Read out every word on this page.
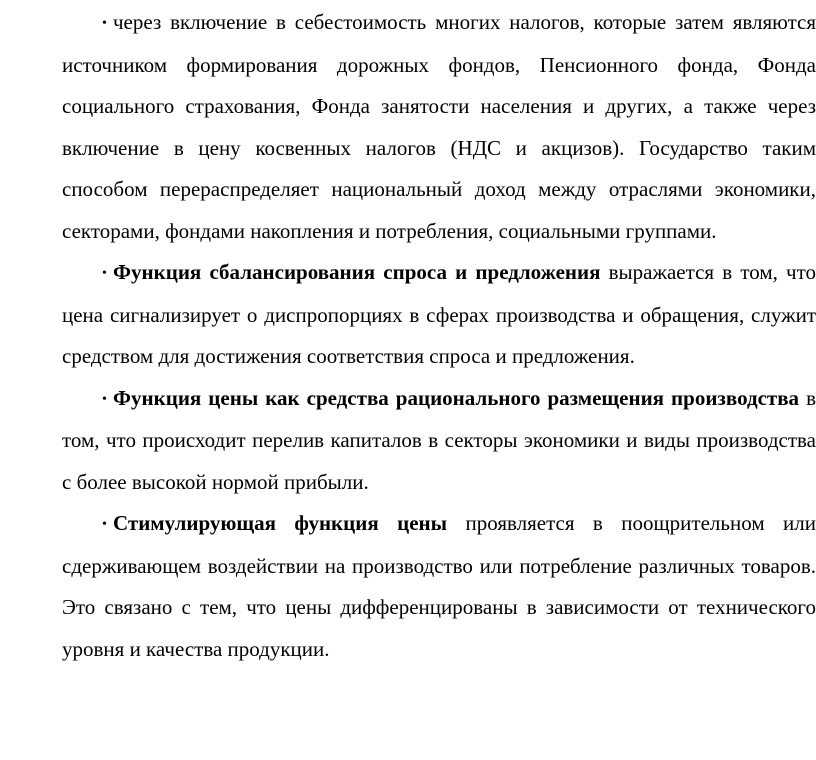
• через включение в себестоимость многих налогов, которые затем являются источником формирования дорожных фондов, Пенсионного фонда, Фонда социального страхования, Фонда занятости населения и других, а также через включение в цену косвенных налогов (НДС и акцизов). Государство таким способом перераспределяет национальный доход между отраслями экономики, секторами, фондами накопления и потребления, социальными группами.

• Функция сбалансирования спроса и предложения выражается в том, что цена сигнализирует о диспропорциях в сферах производства и обращения, служит средством для достижения соответствия спроса и предложения.

• Функция цены как средства рационального размещения производства в том, что происходит перелив капиталов в секторы экономики и виды производства с более высокой нормой прибыли.

• Стимулирующая функция цены проявляется в поощрительном или сдерживающем воздействии на производство или потребление различных товаров. Это связано с тем, что цены дифференцированы в зависимости от технического уровня и качества продукции.
